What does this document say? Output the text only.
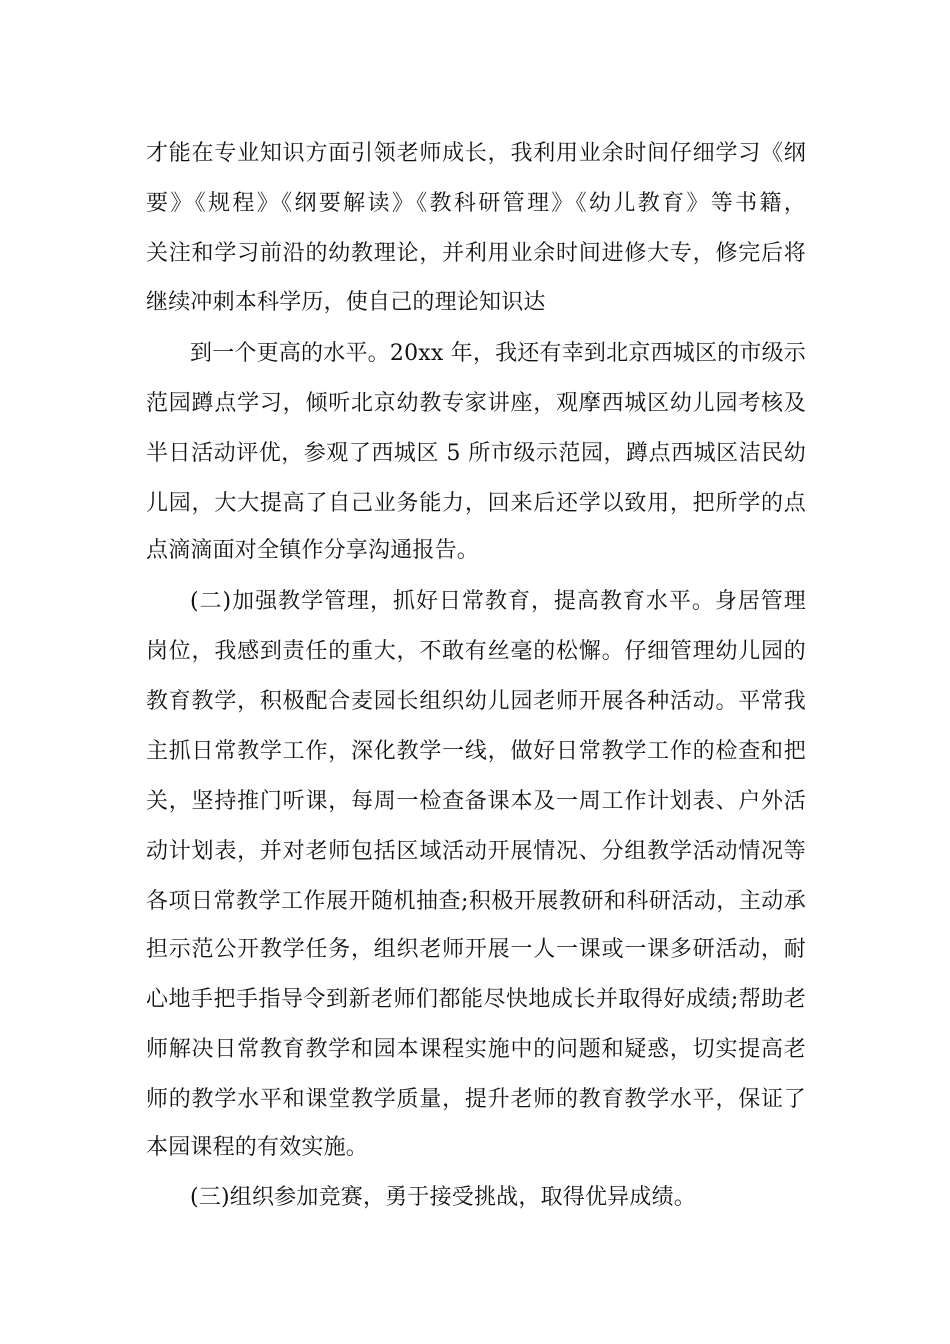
才能在专业知识方面引领老师成长，我利用业余时间仔细学习《纲
要》《规程》《纲要解读》《教科研管理》《幼儿教育》等书籍，
关注和学习前沿的幼教理论，并利用业余时间进修大专，修完后将
继续冲刺本科学历，使自己的理论知识达
到一个更高的水平。20xx 年，我还有幸到北京西城区的市级示
范园蹲点学习，倾听北京幼教专家讲座，观摩西城区幼儿园考核及
半日活动评优，参观了西城区 5 所市级示范园，蹲点西城区洁民幼
儿园，大大提高了自己业务能力，回来后还学以致用，把所学的点
点滴滴面对全镇作分享沟通报告。
(二)加强教学管理，抓好日常教育，提高教育水平。身居管理
岗位，我感到责任的重大，不敢有丝毫的松懈。仔细管理幼儿园的
教育教学，积极配合麦园长组织幼儿园老师开展各种活动。平常我
主抓日常教学工作，深化教学一线，做好日常教学工作的检查和把
关，坚持推门听课，每周一检查备课本及一周工作计划表、户外活
动计划表，并对老师包括区域活动开展情况、分组教学活动情况等
各项日常教学工作展开随机抽查;积极开展教研和科研活动，主动承
担示范公开教学任务，组织老师开展一人一课或一课多研活动，耐
心地手把手指导令到新老师们都能尽快地成长并取得好成绩;帮助老
师解决日常教育教学和园本课程实施中的问题和疑惑，切实提高老
师的教学水平和课堂教学质量，提升老师的教育教学水平，保证了
本园课程的有效实施。
(三)组织参加竞赛，勇于接受挑战，取得优异成绩。
